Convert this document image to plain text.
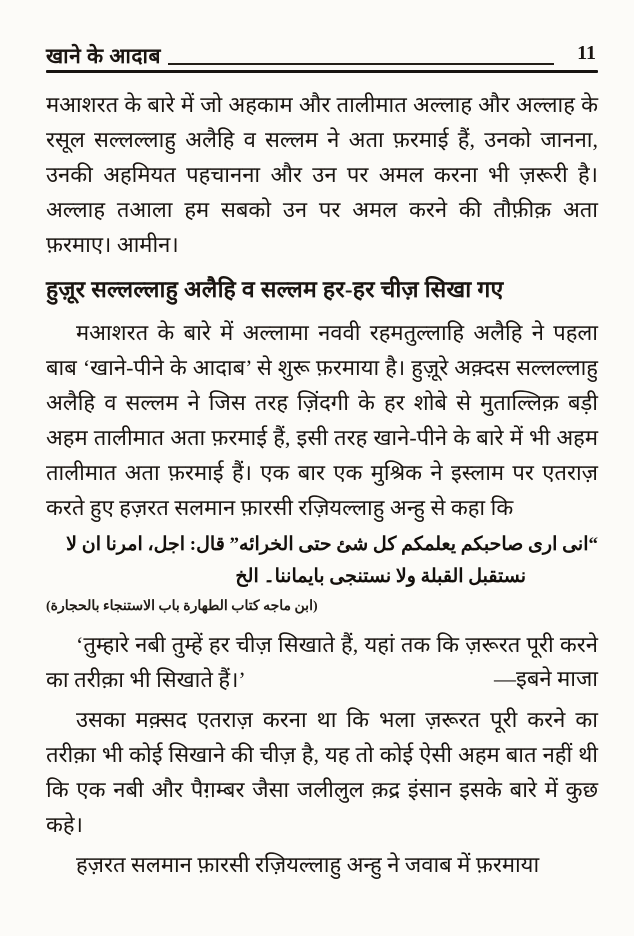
खाने के आदाब	11

मआशरत के बारे में जो अहकाम और तालीमात अल्लाह और अल्लाह के रसूल सल्लल्लाहु अलैहि व सल्लम ने अता फ़रमाई हैं, उनको जानना, उनकी अहमियत पहचानना और उन पर अमल करना भी ज़रूरी है। अल्लाह तआला हम सबको उन पर अमल करने की तौफ़ीक़ अता फ़रमाए। आमीन।

हुज़ूर सल्लल्लाहु अलैहि व सल्लम हर-हर चीज़ सिखा गए

मआशरत के बारे में अल्लामा नववी रहमतुल्लाहि अलैहि ने पहला बाब ‘खाने-पीने के आदाब’ से शुरू फ़रमाया है। हुज़ूरे अक़्दस सल्लल्लाहु अलैहि व सल्लम ने जिस तरह ज़िंदगी के हर शोबे से मुताल्लिक़ बड़ी अहम तालीमात अता फ़रमाई हैं, इसी तरह खाने-पीने के बारे में भी अहम तालीमात अता फ़रमाई हैं। एक बार एक मुश्रिक ने इस्लाम पर एतराज़ करते हुए हज़रत सलमान फ़ारसी रज़ियल्लाहु अन्हु से कहा कि

“انی اری صاحبکم یعلمکم کل شئ حتی الخرائه” قال: اجل، امرنا ان لا
نستقبل القبلة ولا نستنجی بایماننا۔ الخ
(ابن ماجه کتاب الطهارة باب الاستنجاء بالحجارة)

‘तुम्हारे नबी तुम्हें हर चीज़ सिखाते हैं, यहां तक कि ज़रूरत पूरी करने का तरीक़ा भी सिखाते हैं।’	—इबने माजा

उसका मक़्सद एतराज़ करना था कि भला ज़रूरत पूरी करने का तरीक़ा भी कोई सिखाने की चीज़ है, यह तो कोई ऐसी अहम बात नहीं थी कि एक नबी और पैग़म्बर जैसा जलीलुल क़द्र इंसान इसके बारे में कुछ कहे।

हज़रत सलमान फ़ारसी रज़ियल्लाहु अन्हु ने जवाब में फ़रमाया
